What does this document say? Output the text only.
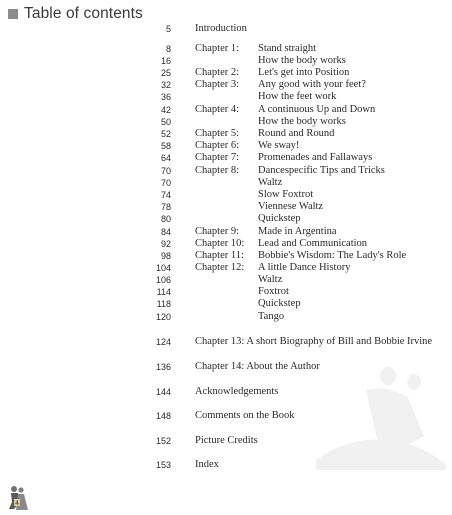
Table of contents
5 Introduction
8 Chapter 1: Stand straight
16	How the body works
25 Chapter 2: Let's get into Position
32 Chapter 3: Any good with your feet?
36	How the feet work
42 Chapter 4: A continuous Up and Down
50	How the body works
52 Chapter 5: Round and Round
58 Chapter 6: We sway!
64 Chapter 7: Promenades and Fallaways
70 Chapter 8: Dancespecific Tips and Tricks
70	Waltz
74	Slow Foxtrot
78	Viennese Waltz
80	Quickstep
84 Chapter 9: Made in Argentina
92 Chapter 10: Lead and Communication
98 Chapter 11: Bobbie's Wisdom: The Lady's Role
104 Chapter 12: A little Dance History
106	Waltz
114	Foxtrot
118	Quickstep
120	Tango
124 Chapter 13: A short Biography of Bill and Bobbie Irvine
136 Chapter 14: About the Author
144 Acknowledgements
148 Comments on the Book
152 Picture Credits
153 Index
4
